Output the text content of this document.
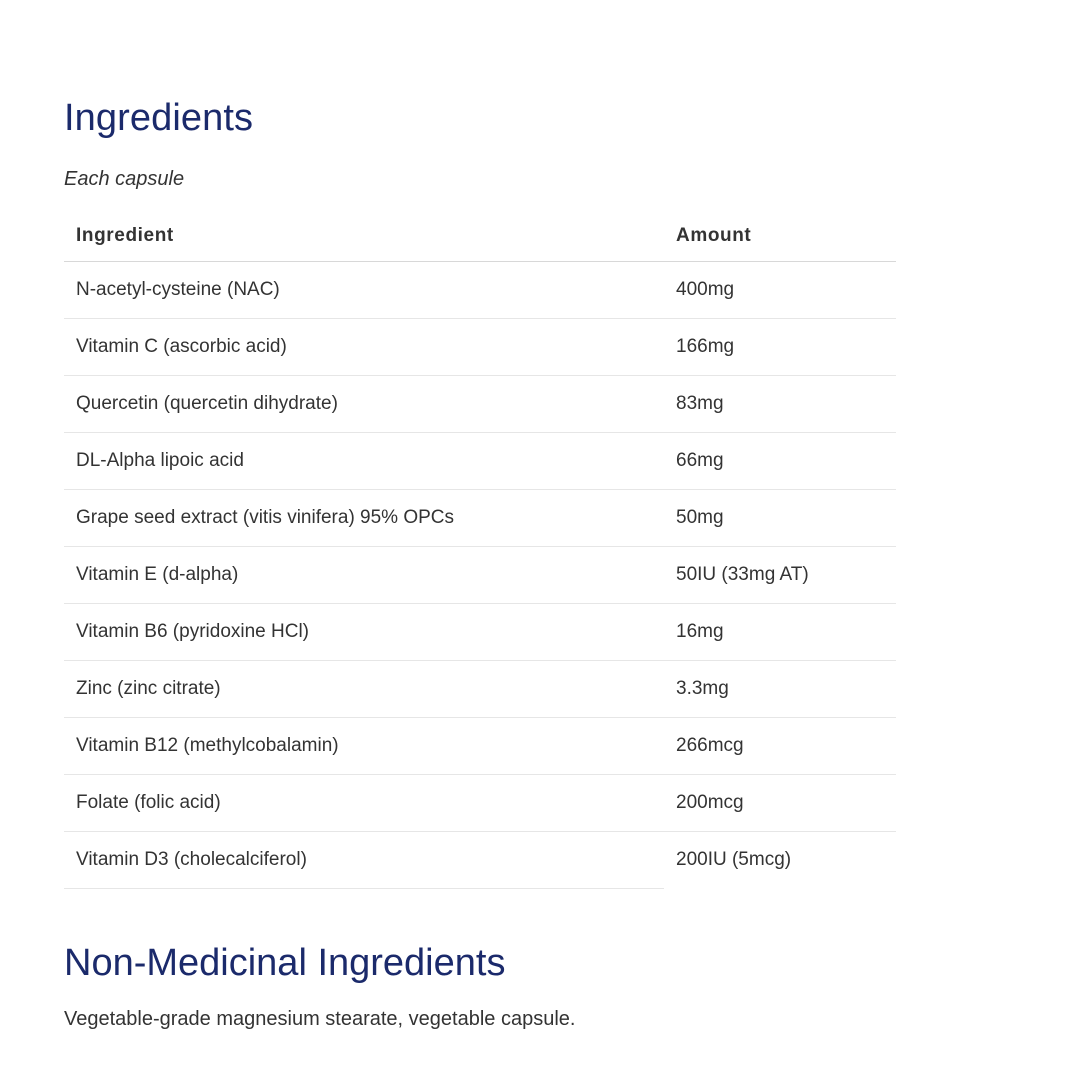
Ingredients
Each capsule
Ingredient	Amount
N-acetyl-cysteine (NAC)	400mg
Vitamin C (ascorbic acid)	166mg
Quercetin (quercetin dihydrate)	83mg
DL-Alpha lipoic acid	66mg
Grape seed extract (vitis vinifera) 95% OPCs	50mg
Vitamin E (d-alpha)	50IU (33mg AT)
Vitamin B6 (pyridoxine HCl)	16mg
Zinc (zinc citrate)	3.3mg
Vitamin B12 (methylcobalamin)	266mcg
Folate (folic acid)	200mcg
Vitamin D3 (cholecalciferol)	200IU (5mcg)
Non-Medicinal Ingredients

Vegetable-grade magnesium stearate, vegetable capsule.
